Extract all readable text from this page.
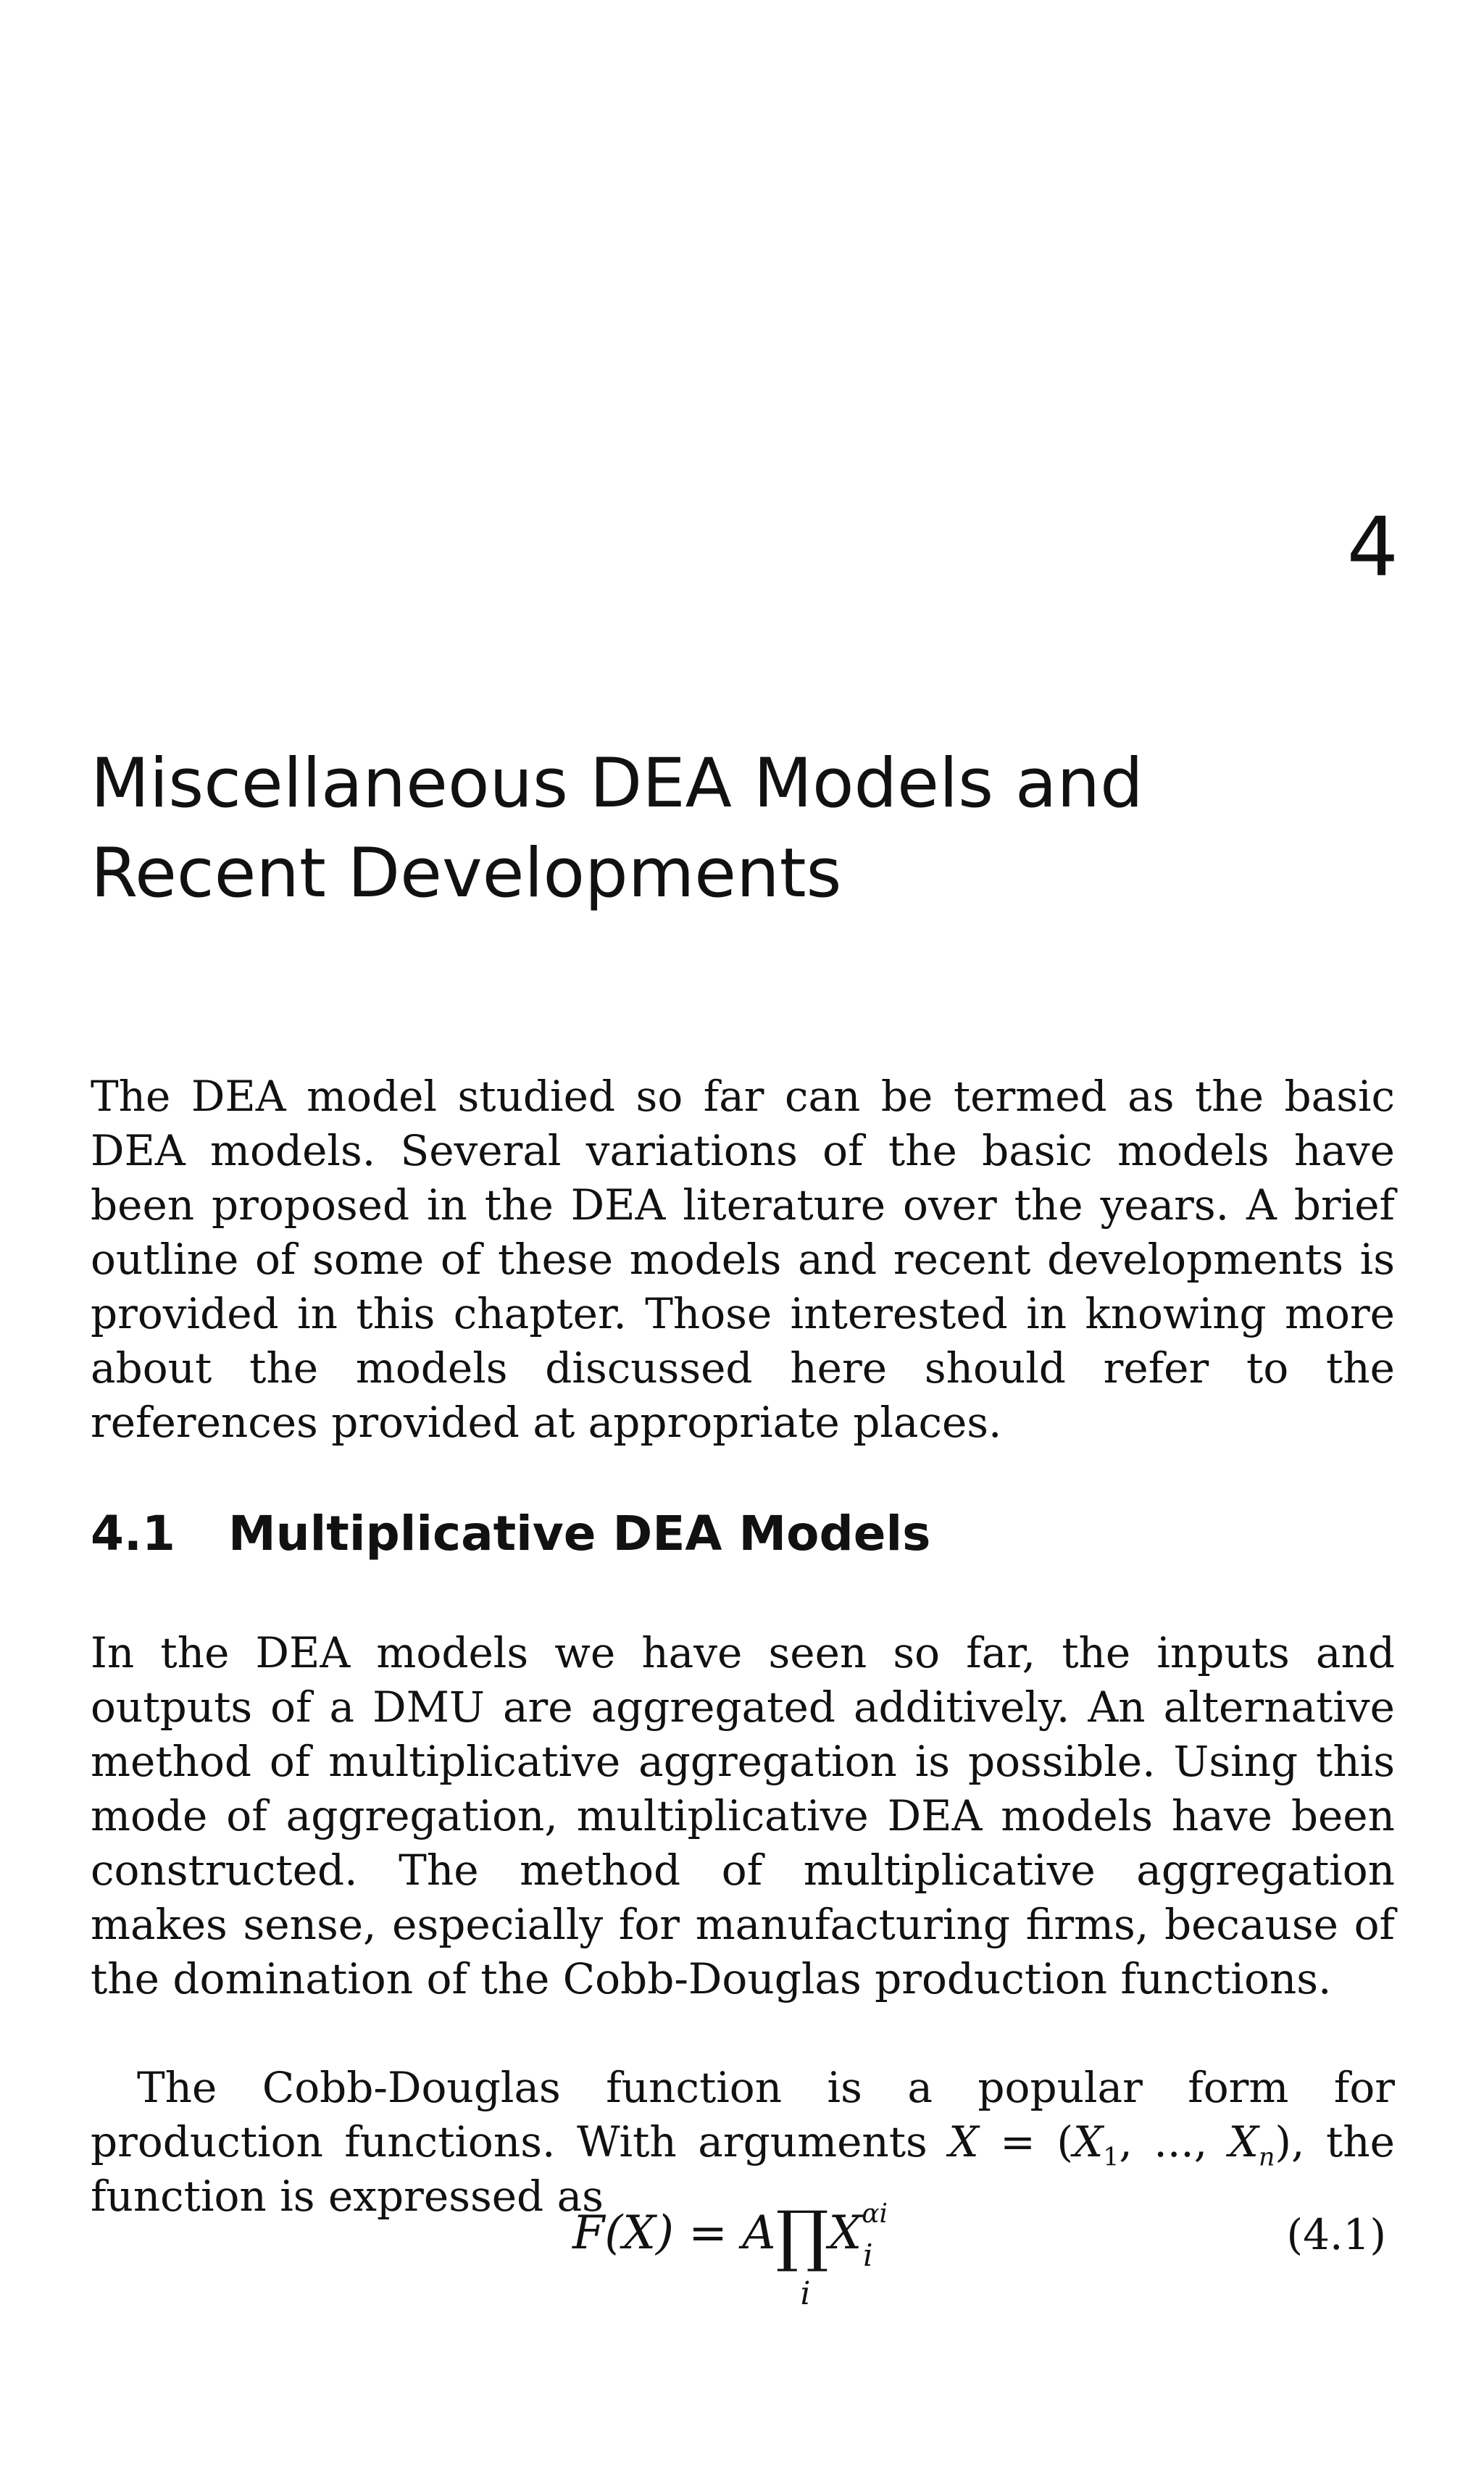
4
Miscellaneous DEA Models and
Recent Developments

The DEA model studied so far can be termed as the basic DEA models. Several variations of the basic models have been proposed in the DEA literature over the years. A brief outline of some of these models and recent developments is provided in this chapter. Those interested in knowing more about the models discussed here should refer to the references provided at appropriate places.

4.1 Multiplicative DEA Models

In the DEA models we have seen so far, the inputs and outputs of a DMU are aggregated additively. An alternative method of multiplicative aggregation is possible. Using this mode of aggregation, multiplicative DEA models have been constructed. The method of multiplicative aggregation makes sense, especially for manufacturing firms, because of the domination of the Cobb-Douglas production functions.

The Cobb-Douglas function is a popular form for production functions. With arguments $X = (X_1$, ..., $X_n$), the function is expressed as

F(X) = A∏
i
$X^{\alpha i}_i$	(4.1)
